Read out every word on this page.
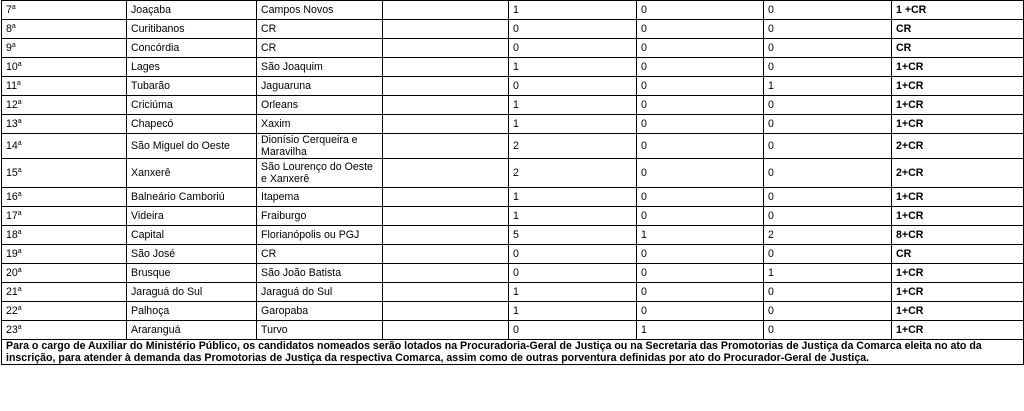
7$^a$	Joaçaba	Campos Novos		1	0	0	1 +CR
8$^a$	Curitibanos	CR		0	0	0	CR
9$^a$	Concórdia	CR		0	0	0	CR
10$^a$	Lages	São Joaquim		1	0	0	1+CR
11$^a$	Tubarão	Jaguaruna		0	0	1	1+CR
12$^a$	Criciúma	Orleans		1	0	0	1+CR
13$^a$	Chapecó	Xaxim		1	0	0	1+CR
14$^a$	São Miguel do Oeste	Dionísio Cerqueira e Maravilha		2	0	0	2+CR
15$^a$	Xanxerê	São Lourenço do Oeste e Xanxerê		2	0	0	2+CR
16$^a$	Balneário Camboriú	Itapema		1	0	0	1+CR
17$^a$	Videira	Fraiburgo		1	0	0	1+CR
18$^a$	Capital	Florianópolis ou PGJ		5	1	2	8+CR
19$^a$	São José	CR		0	0	0	CR
20$^a$	Brusque	São João Batista		0	0	1	1+CR
21$^a$	Jaraguá do Sul	Jaraguá do Sul		1	0	0	1+CR
22$^a$	Palhoça	Garopaba		1	0	0	1+CR
23$^a$	Araranguá	Turvo		0	1	0	1+CR
Para o cargo de Auxiliar do Ministério Público, os candidatos nomeados serão lotados na Procuradoria-Geral de Justiça ou na Secretaria das Promotorias de Justiça da Comarca eleita no ato da inscrição, para atender à demanda das Promotorias de Justiça da respectiva Comarca, assim como de outras porventura definidas por ato do Procurador-Geral de Justiça.							
